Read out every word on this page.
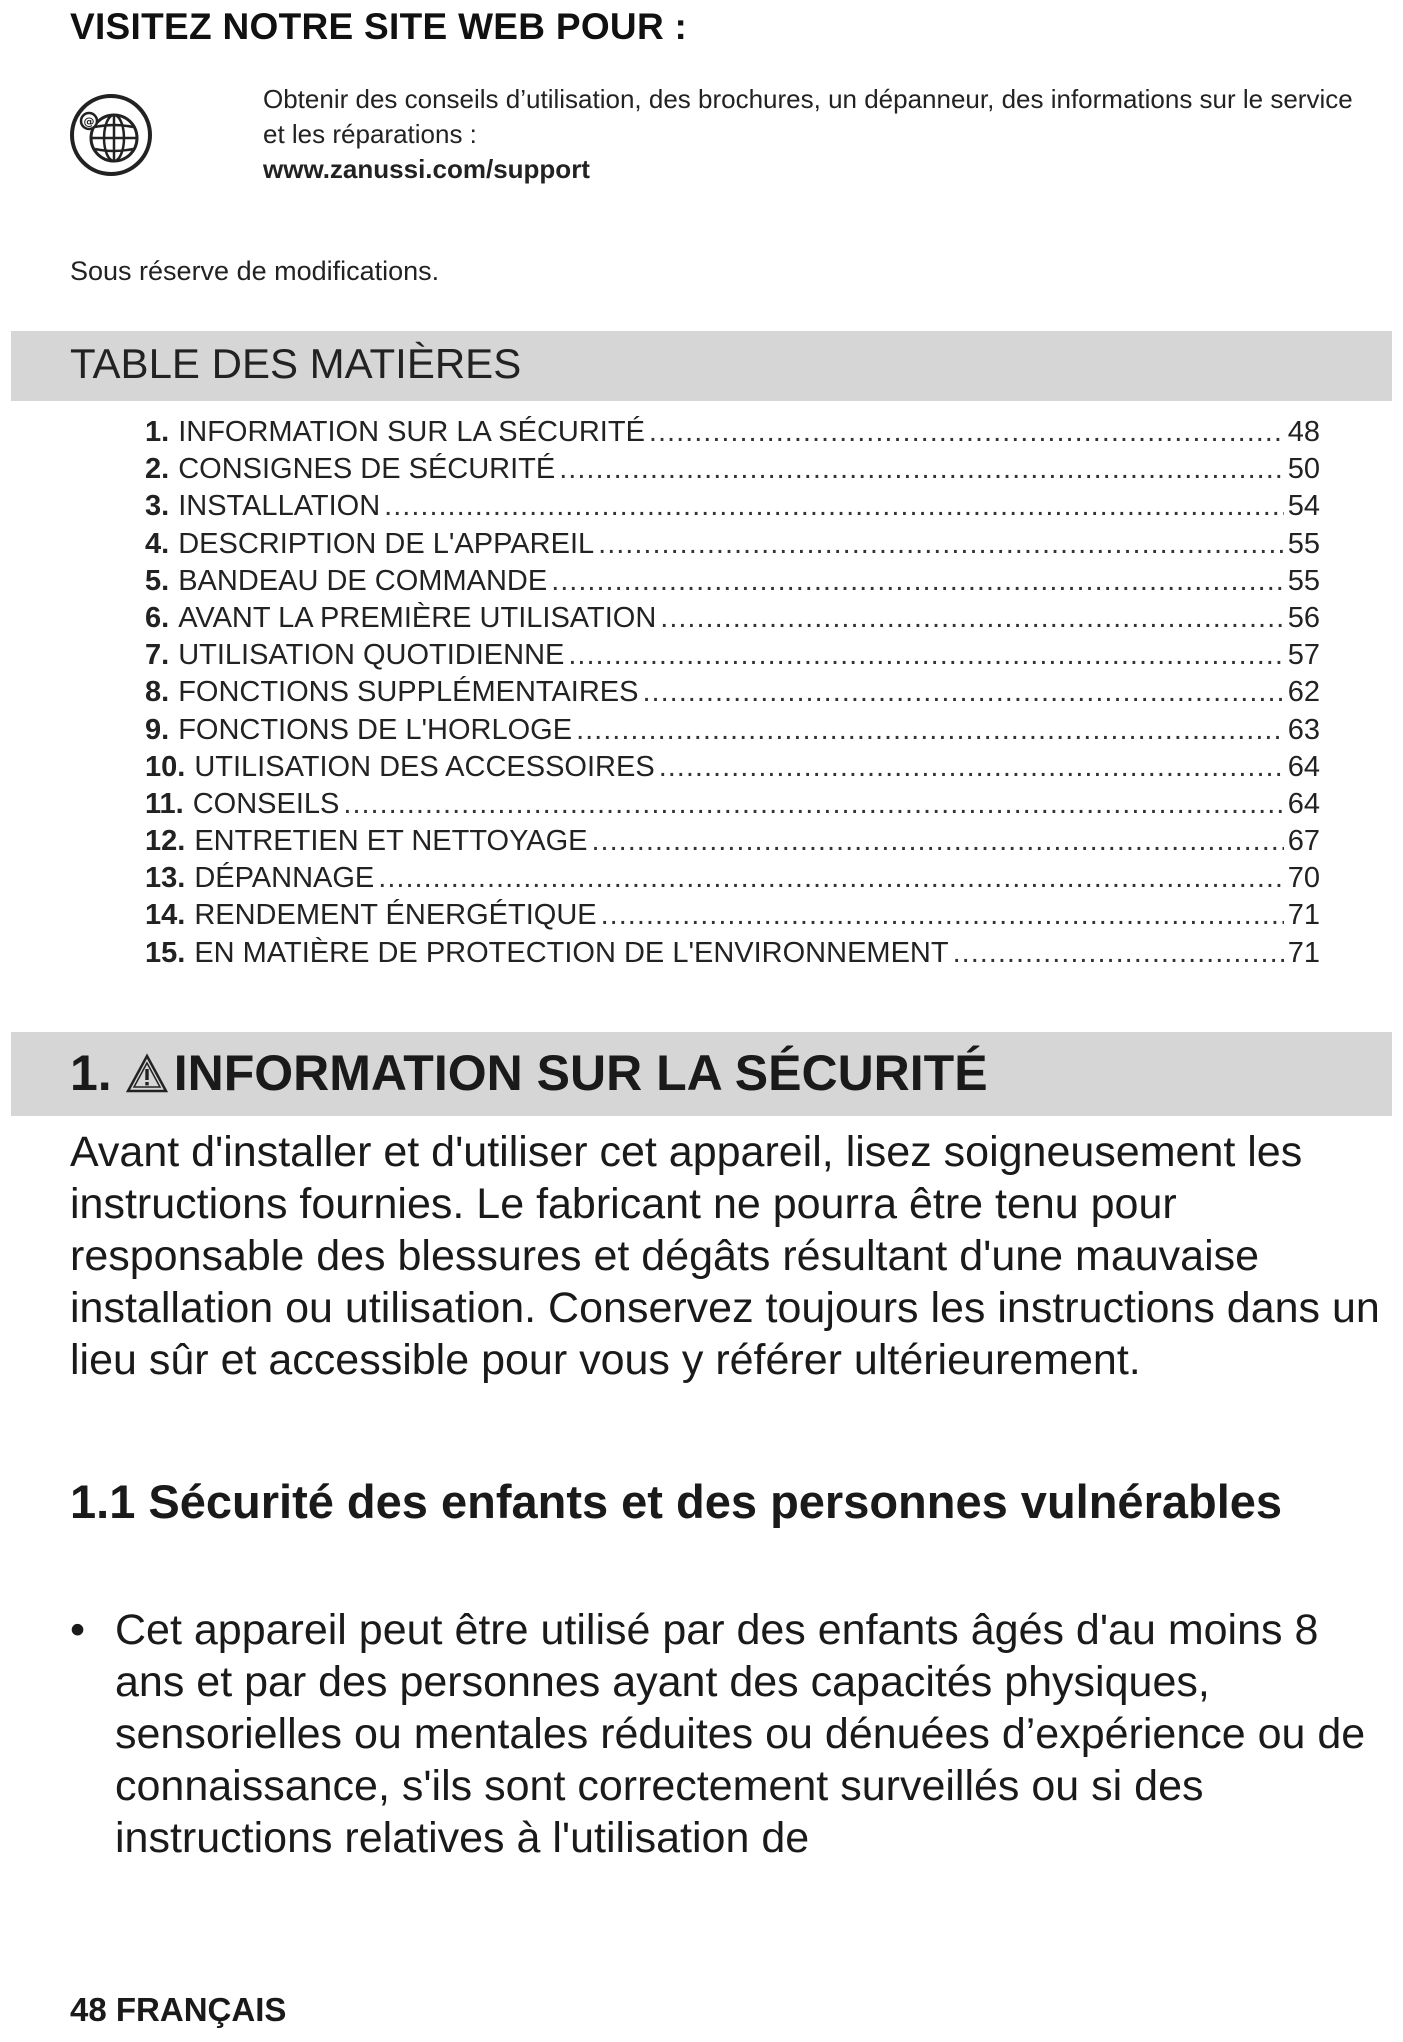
VISITEZ NOTRE SITE WEB POUR :
@
Obtenir des conseils d’utilisation, des brochures, un dépanneur, des informations sur le service et les réparations :
www.zanussi.com/support
Sous réserve de modifications.
TABLE DES MATIÈRES
1. INFORMATION SUR LA SÉCURITÉ .....	48
2. CONSIGNES DE SÉCURITÉ .....	50
3. INSTALLATION .....	54
4. DESCRIPTION DE L'APPAREIL .....	55
5. BANDEAU DE COMMANDE .....	55
6. AVANT LA PREMIÈRE UTILISATION .....	56
7. UTILISATION QUOTIDIENNE .....	57
8. FONCTIONS SUPPLÉMENTAIRES .....	62
9. FONCTIONS DE L'HORLOGE .....	63
10. UTILISATION DES ACCESSOIRES .....	64
11. CONSEILS .....	64
12. ENTRETIEN ET NETTOYAGE .....	67
13. DÉPANNAGE .....	70
14. RENDEMENT ÉNERGÉTIQUE .....	71
15. EN MATIÈRE DE PROTECTION DE L'ENVIRONNEMENT .....	71
1. INFORMATION SUR LA SÉCURITÉ
Avant d'installer et d'utiliser cet appareil, lisez soigneusement les instructions fournies. Le fabricant ne pourra être tenu pour responsable des blessures et dégâts résultant d'une mauvaise installation ou utilisation. Conservez toujours les instructions dans un lieu sûr et accessible pour vous y référer ultérieurement.
1.1 Sécurité des enfants et des personnes vulnérables
• Cet appareil peut être utilisé par des enfants âgés d'au moins 8 ans et par des personnes ayant des capacités physiques, sensorielles ou mentales réduites ou dénuées d’expérience ou de connaissance, s'ils sont correctement surveillés ou si des instructions relatives à l'utilisation de
48 FRANÇAIS
